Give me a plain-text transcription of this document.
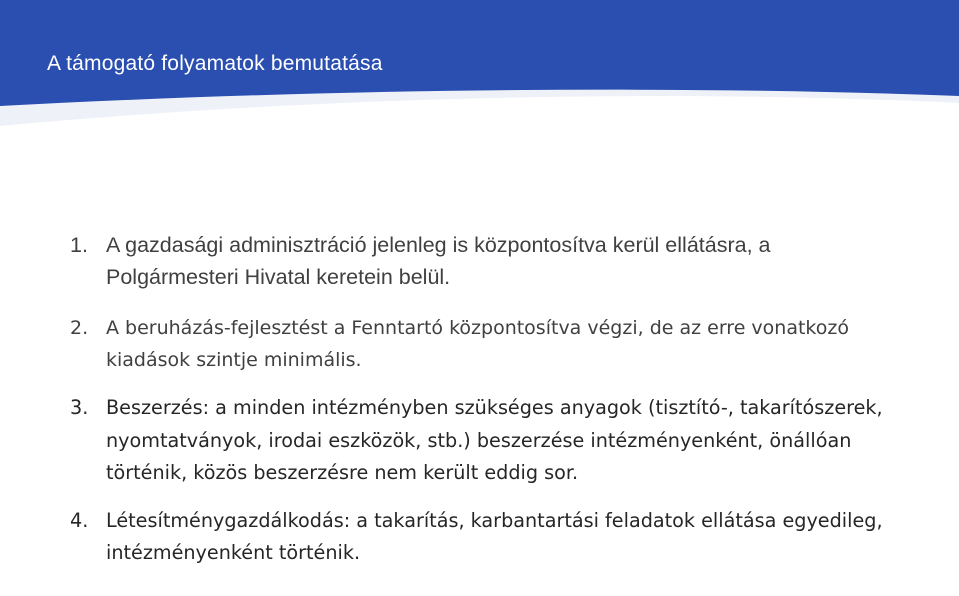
A támogató folyamatok bemutatása
1. A gazdasági adminisztráció jelenleg is központosítva kerül ellátásra, a Polgármesteri Hivatal keretein belül.
2. A beruházás-fejlesztést a Fenntartó központosítva végzi, de az erre vonatkozó kiadások szintje minimális.
3. Beszerzés: a minden intézményben szükséges anyagok (tisztító-, takarítószerek, nyomtatványok, irodai eszközök, stb.) beszerzése intézményenként, önállóan történik, közös beszerzésre nem került eddig sor.
4. Létesítménygazdálkodás: a takarítás, karbantartási feladatok ellátása egyedileg, intézményenként történik.
